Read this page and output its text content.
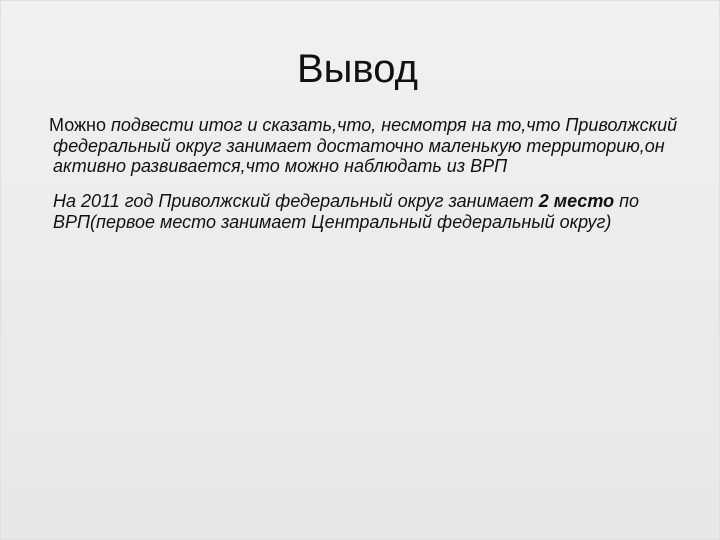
Вывод

Можно подвести итог и сказать,что, несмотря на то,что Приволжский федеральный округ занимает достаточно маленькую территорию,он активно развивается,что можно наблюдать из ВРП

На 2011 год Приволжский федеральный округ занимает 2 место по ВРП(первое место занимает Центральный федеральный округ)
